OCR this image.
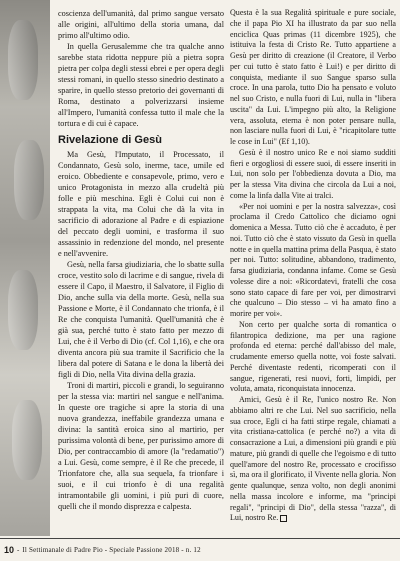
coscienza dell'umanità, dal primo sangue versato alle origini, all'ultimo della storia umana, dal primo all'ultimo odio.

In quella Gerusalemme che tra qualche anno sarebbe stata ridotta neppure più a pietra sopra pietra per colpa degli stessi ebrei e per opera degli stessi romani, in quello stesso sinedrio destinato a sparire, in quello stesso pretorio dei governanti di Roma, destinato a polverizzarsi insieme all'Impero, l'umanità confessa tutto il male che la tortura e di cui è capace.

Rivelazione di Gesù

Ma Gesù, l'Imputato, il Processato, il Condannato, Gesù solo, inerme, tace, umile ed eroico. Obbediente e consapevole, primo, vero e unico Protagonista in mezzo alla crudeltà più folle e più meschina. Egli è Colui cui non è strappata la vita, ma Colui che dà la vita in sacrificio di adorazione al Padre e di espiazione del peccato degli uomini, e trasforma il suo assassinio in redenzione del mondo, nel presente e nell'avvenire.

Gesù, nella farsa giudiziaria, che lo sbatte sulla croce, vestito solo di lacrime e di sangue, rivela di essere il Capo, il Maestro, il Salvatore, il Figlio di Dio, anche sulla via della morte. Gesù, nella sua Passione e Morte, è il Condannato che trionfa, è il Re che conquista l'umanità. Quell'umanità che è già sua, perché tutto è stato fatto per mezzo di Lui, che è il Verbo di Dio (cf. Col 1,16), e che ora diventa ancora più sua tramite il Sacrificio che la libera dal potere di Satana e le dona la libertà dei figli di Dio, nella Vita divina della grazia.

Troni di martiri, piccoli e grandi, lo seguiranno per la stessa via: martiri nel sangue e nell'anima. In queste ore tragiche si apre la storia di una nuova grandezza, ineffabile grandezza umana e divina: la santità eroica sino al martirio, per purissima volontà di bene, per purissimo amore di Dio, per contraccambio di amore (la "redamatio") a Lui. Gesù, come sempre, è il Re che precede, il Trionfatore che, alla sua sequela, fa trionfare i suoi, e il cui trionfo è di una regalità intramontabile gli uomini, i più puri di cuore, quelli che il mondo disprezza e calpesta.

Questa è la sua Regalità spirituale e pure sociale, che il papa Pio XI ha illustrato da par suo nella enciclica Quas primas (11 dicembre 1925), che istituiva la festa di Cristo Re. Tutto appartiene a Gesù per diritto di creazione (il Creatore, il Verbo per cui tutto è stato fatto è Lui!) e per diritto di conquista, mediante il suo Sangue sparso sulla croce. In una parola, tutto Dio ha pensato e voluto nel suo Cristo, e nulla fuori di Lui, nulla in "libera uscita" da Lui. L'impegno più alto, la Religione vera, assoluta, eterna è non poter pensare nulla, non lasciare nulla fuori di Lui, è "ricapitolare tutte le cose in Lui" (Ef 1,10).

Gesù è il nostro unico Re e noi siamo sudditi fieri e orgogliosi di essere suoi, di essere inseriti in Lui, non solo per l'obbedienza dovuta a Dio, ma per la stessa Vita divina che circola da Lui a noi, come la linfa dalla Vite ai tralci.

«Per noi uomini e per la nostra salvezza», così proclama il Credo Cattolico che diciamo ogni domenica a Messa. Tutto ciò che è accaduto, è per noi. Tutto ciò che è stato vissuto da Gesù in quella notte e in quella mattina prima della Pasqua, è stato per noi. Tutto: solitudine, abbandono, tradimento, farsa giudiziaria, condanna infame. Come se Gesù volesse dire a noi: «Ricordatevi, fratelli che cosa sono stato capace di fare per voi, per dimostrarvi che qualcuno – Dio stesso – vi ha amato fino a morire per voi».

Non certo per qualche sorta di romantica o filantropica dedizione, ma per una ragione profonda ed eterna: perché dall'abisso del male, crudamente emerso quella notte, voi foste salvati. Perché diventaste redenti, ricomperati con il sangue, rigenerati, resi nuovi, forti, limpidi, per voluta, amata, riconquistata innocenza.

Amici, Gesù è il Re, l'unico nostro Re. Non abbiamo altri re che Lui. Nel suo sacrificio, nella sua croce, Egli ci ha fatti stirpe regale, chiamati a vita cristiana-cattolica (e perché no?) a vita di consacrazione a Lui, a dimensioni più grandi e più mature, più grandi di quelle che l'egoismo e di tutto quell'amore del nostro Re, processato e crocifisso sì, ma ora il glorificato, il Vivente nella gloria. Non gente qualunque, senza volto, non degli anonimi nella massa incolore e informe, ma "principi regali", "principi di Dio", della stessa "razza", di Lui, nostro Re.

10 - Il Settimanale di Padre Pio - Speciale Passione 2018 - n. 12
